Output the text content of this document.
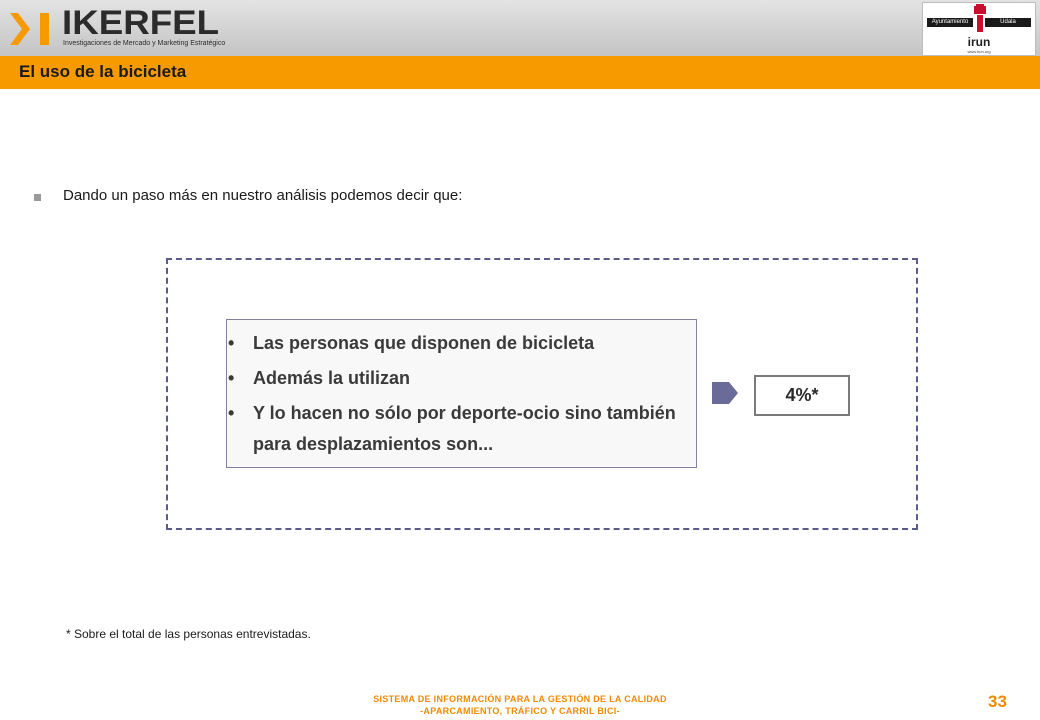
IKERFEL
Investigaciones de Mercado y Marketing Estratégico
Ayuntamiento	Udala
irun
www.irun.org
El uso de la bicicleta
Dando un paso más en nuestro análisis podemos decir que:
•	Las personas que disponen de bicicleta
•	Además la utilizan
•	Y lo hacen no sólo por deporte-ocio sino también para desplazamientos son...
4%*
* Sobre el total de las personas entrevistadas.
SISTEMA DE INFORMACIÓN PARA LA GESTIÓN DE LA CALIDAD
-APARCAMIENTO, TRÁFICO Y CARRIL BICI-	33
